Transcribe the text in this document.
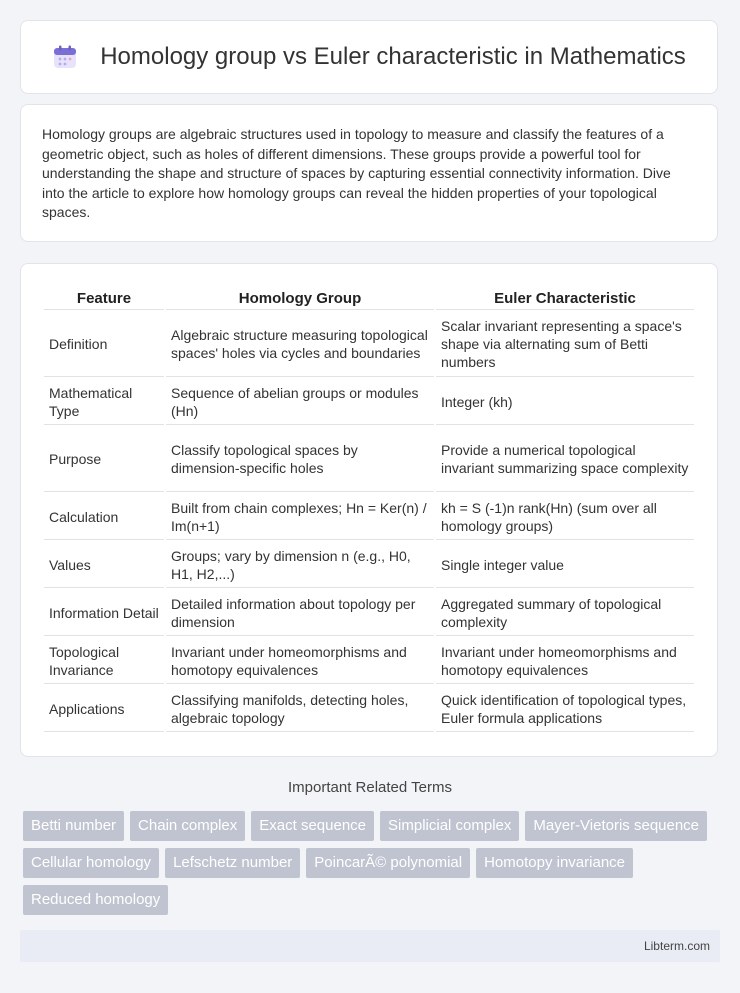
Homology group vs Euler characteristic in Mathematics

Homology groups are algebraic structures used in topology to measure and classify the features of a geometric object, such as holes of different dimensions. These groups provide a powerful tool for understanding the shape and structure of spaces by capturing essential connectivity information. Dive into the article to explore how homology groups can reveal the hidden properties of your topological spaces.

Feature	Homology Group	Euler Characteristic
Definition	Algebraic structure measuring topological spaces' holes via cycles and boundaries	Scalar invariant representing a space's shape via alternating sum of Betti numbers
Mathematical Type	Sequence of abelian groups or modules (Hn)	Integer (kh)
Purpose	Classify topological spaces by dimension-specific holes	Provide a numerical topological invariant summarizing space complexity
Calculation	Built from chain complexes; Hn = Ker(n) / Im(n+1)	kh = S (-1)n rank(Hn) (sum over all homology groups)
Values	Groups; vary by dimension n (e.g., H0, H1, H2,...)	Single integer value
Information Detail	Detailed information about topology per dimension	Aggregated summary of topological complexity
Topological Invariance	Invariant under homeomorphisms and homotopy equivalences	Invariant under homeomorphisms and homotopy equivalences
Applications	Classifying manifolds, detecting holes, algebraic topology	Quick identification of topological types, Euler formula applications
Important Related Terms
Betti number	Chain complex	Exact sequence	Simplicial complex	Mayer-Vietoris sequence
Cellular homology	Lefschetz number	PoincarÃ© polynomial	Homotopy invariance
Reduced homology
Libterm.com
